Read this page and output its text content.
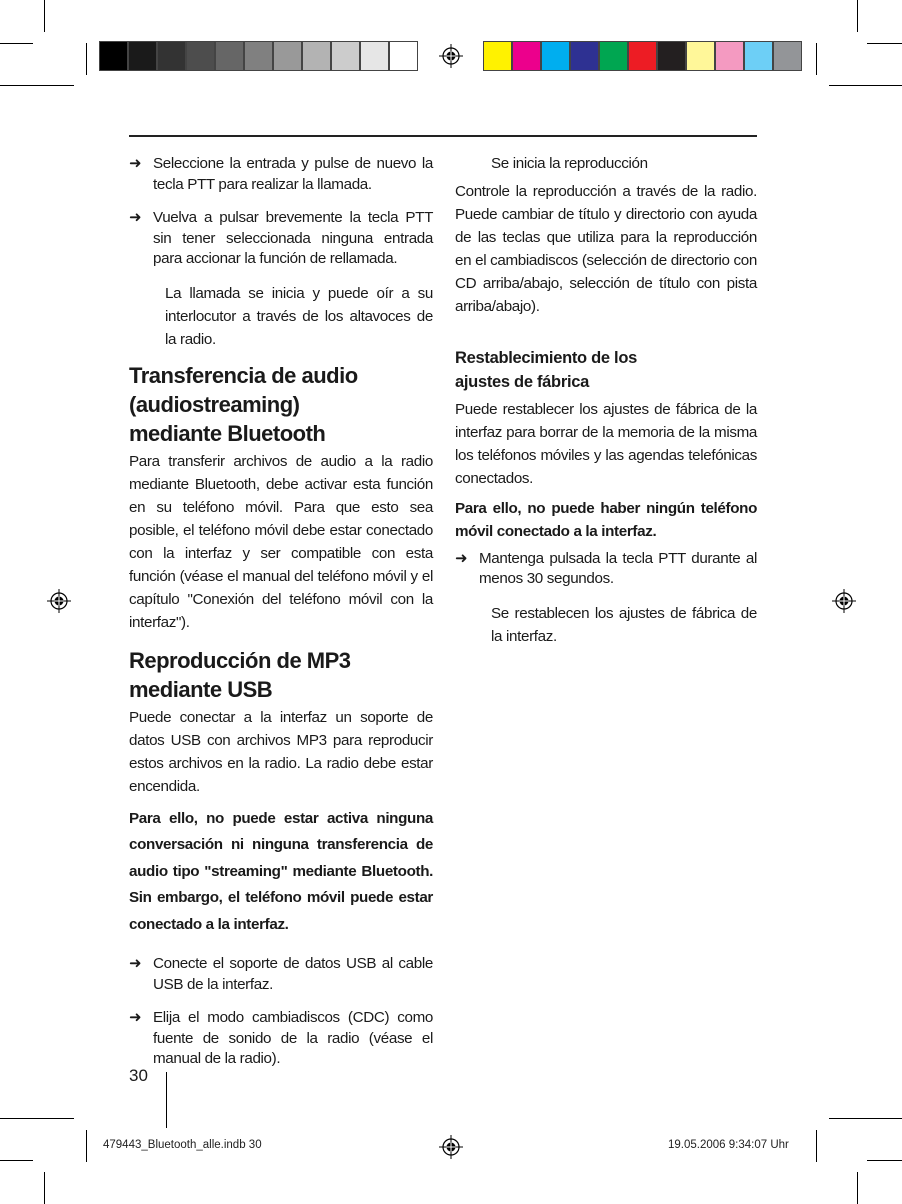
➜ Seleccione la entrada y pulse de nuevo la tecla PTT para realizar la llamada.
➜ Vuelva a pulsar brevemente la tecla PTT sin tener seleccionada ninguna entrada para accionar la función de rellamada.

La llamada se inicia y puede oír a su interlocutor a través de los altavoces de la radio.

Transferencia de audio (audiostreaming) mediante Bluetooth

Para transferir archivos de audio a la radio mediante Bluetooth, debe activar esta función en su teléfono móvil. Para que esto sea posible, el teléfono móvil debe estar conectado con la interfaz y ser compatible con esta función (véase el manual del teléfono móvil y el capítulo "Conexión del teléfono móvil con la interfaz").

Reproducción de MP3 mediante USB

Puede conectar a la interfaz un soporte de datos USB con archivos MP3 para reproducir estos archivos en la radio. La radio debe estar encendida.

Para ello, no puede estar activa ninguna conversación ni ninguna transferencia de audio tipo "streaming" mediante Bluetooth. Sin embargo, el teléfono móvil puede estar conectado a la interfaz.

➜ Conecte el soporte de datos USB al cable USB de la interfaz.
➜ Elija el modo cambiadiscos (CDC) como fuente de sonido de la radio (véase el manual de la radio).

Se inicia la reproducción

Controle la reproducción a través de la radio. Puede cambiar de título y directorio con ayuda de las teclas que utiliza para la reproducción en el cambiadiscos (selección de directorio con CD arriba/abajo, selección de título con pista arriba/abajo).

Restablecimiento de los ajustes de fábrica

Puede restablecer los ajustes de fábrica de la interfaz para borrar de la memoria de la misma los teléfonos móviles y las agendas telefónicas conectados.

Para ello, no puede haber ningún teléfono móvil conectado a la interfaz.

➜ Mantenga pulsada la tecla PTT durante al menos 30 segundos.

Se restablecen los ajustes de fábrica de la interfaz.

30
479443_Bluetooth_alle.indb 30	19.05.2006 9:34:07 Uhr
